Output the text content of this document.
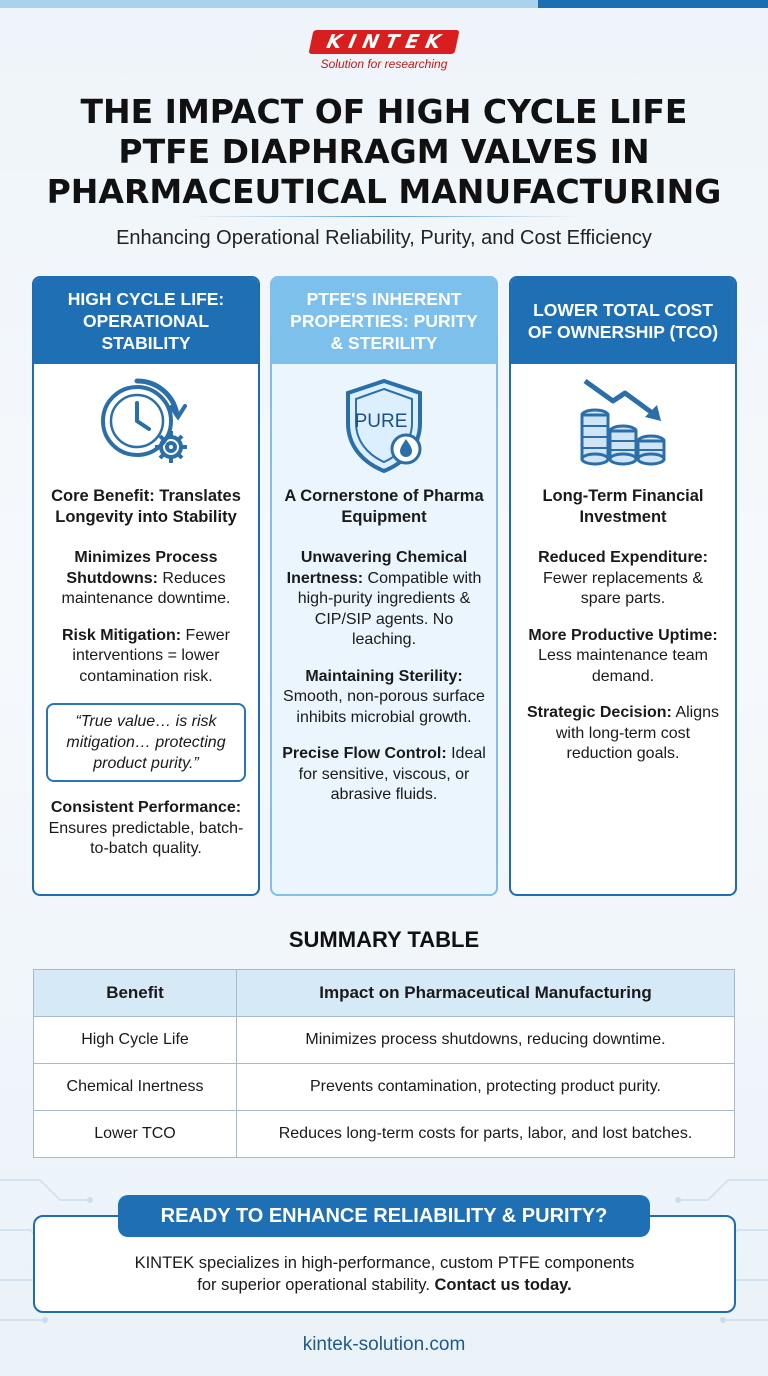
KINTEK
Solution for researching
THE IMPACT OF HIGH CYCLE LIFE
PTFE DIAPHRAGM VALVES IN
PHARMACEUTICAL MANUFACTURING
Enhancing Operational Reliability, Purity, and Cost Efficiency
HIGH CYCLE LIFE: OPERATIONAL STABILITY
Core Benefit: Translates Longevity into Stability
Minimizes Process Shutdowns: Reduces maintenance downtime.
Risk Mitigation: Fewer interventions = lower contamination risk.
“True value… is risk mitigation… protecting product purity.”
Consistent Performance: Ensures predictable, batch-to-batch quality.
PTFE'S INHERENT PROPERTIES: PURITY & STERILITY
PURE
A Cornerstone of Pharma Equipment
Unwavering Chemical Inertness: Compatible with high-purity ingredients & CIP/SIP agents. No leaching.
Maintaining Sterility: Smooth, non-porous surface inhibits microbial growth.
Precise Flow Control: Ideal for sensitive, viscous, or abrasive fluids.
LOWER TOTAL COST OF OWNERSHIP (TCO)
Long-Term Financial Investment
Reduced Expenditure: Fewer replacements & spare parts.
More Productive Uptime: Less maintenance team demand.
Strategic Decision: Aligns with long-term cost reduction goals.
SUMMARY TABLE
Benefit	Impact on Pharmaceutical Manufacturing
High Cycle Life	Minimizes process shutdowns, reducing downtime.
Chemical Inertness	Prevents contamination, protecting product purity.
Lower TCO	Reduces long-term costs for parts, labor, and lost batches.
KINTEK specializes in high-performance, custom PTFE components
for superior operational stability. Contact us today.
READY TO ENHANCE RELIABILITY & PURITY?
kintek-solution.com
